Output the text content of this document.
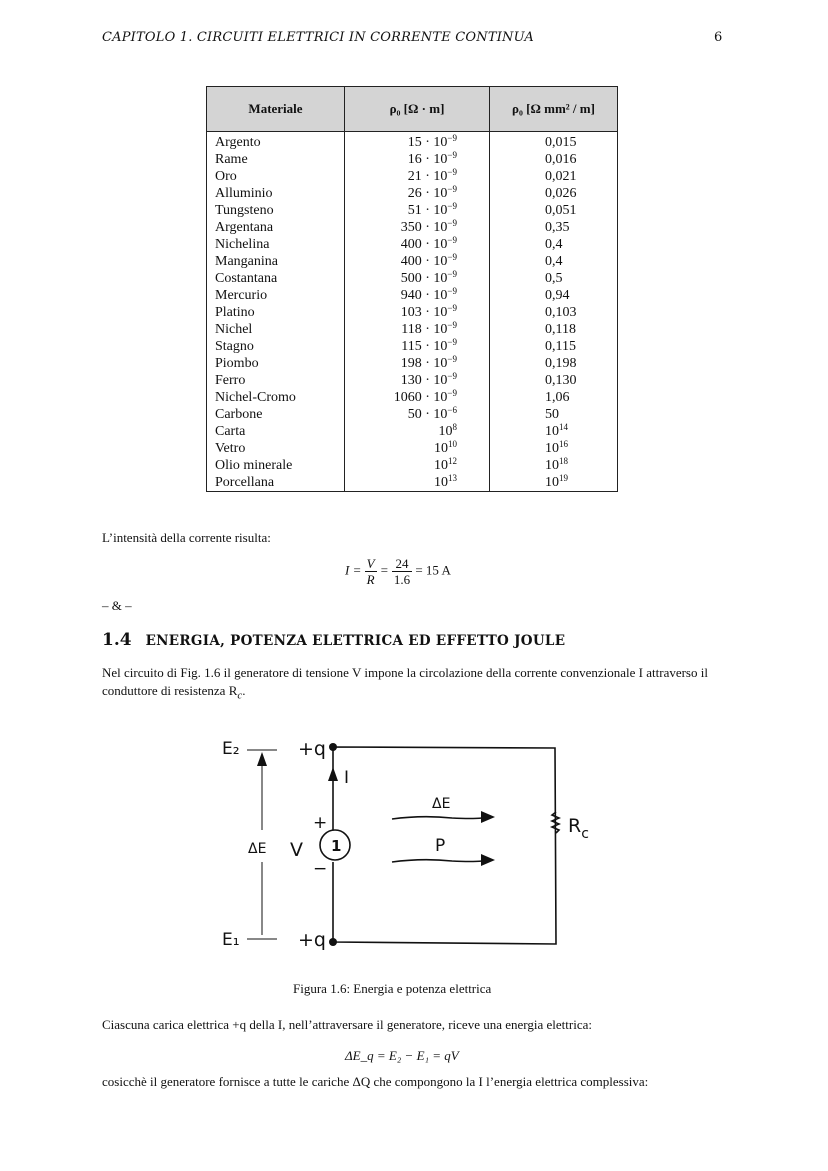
CAPITOLO 1. CIRCUITI ELETTRICI IN CORRENTE CONTINUA	6
Materiale	ρ₀ [Ω · m]	ρ₀ [Ω mm² / m]
Argento	$15 \cdot 10^{-9}$	0,015
Rame	$16 \cdot 10^{-9}$	0,016
Oro	$21 \cdot 10^{-9}$	0,021
Alluminio	$26 \cdot 10^{-9}$	0,026
Tungsteno	$51 \cdot 10^{-9}$	0,051
Argentana	$350 \cdot 10^{-9}$	0,35
Nichelina	$400 \cdot 10^{-9}$	0,4
Manganina	$400 \cdot 10^{-9}$	0,4
Costantana	$500 \cdot 10^{-9}$	0,5
Mercurio	$940 \cdot 10^{-9}$	0,94
Platino	$103 \cdot 10^{-9}$	0,103
Nichel	$118 \cdot 10^{-9}$	0,118
Stagno	$115 \cdot 10^{-9}$	0,115
Piombo	$198 \cdot 10^{-9}$	0,198
Ferro	$130 \cdot 10^{-9}$	0,130
Nichel-Cromo	$1060 \cdot 10^{-9}$	1,06
Carbone	$50 \cdot 10^{-6}$	50
Carta	$10^8$	$10^{14}$
Vetro	$10^{10}$	$10^{16}$
Olio minerale	$10^{12}$	$10^{18}$
Porcellana	$10^{13}$	$10^{19}$
L’intensità della corrente risulta:
$I = \frac{V}{R} = \frac{24}{1.6} = 15$ A
– & –
1.4 ENERGIA, POTENZA ELETTRICA ED EFFETTO JOULE
Nel circuito di Fig. 1.6 il generatore di tensione V impone la circolazione della corrente convenzionale I attraverso il conduttore di resistenza $R_c$.
E₂
E₁
+q
+q
I
ΔE V
+
−
1
ΔE
P
$R_c$
Figura 1.6: Energia e potenza elettrica
Ciascuna carica elettrica +q della I, nell’attraversare il generatore, riceve una energia elettrica:
ΔE_q = E₂ − E₁ = qV
cosicchè il generatore fornisce a tutte le cariche ΔQ che compongono la I l’energia elettrica complessiva:
